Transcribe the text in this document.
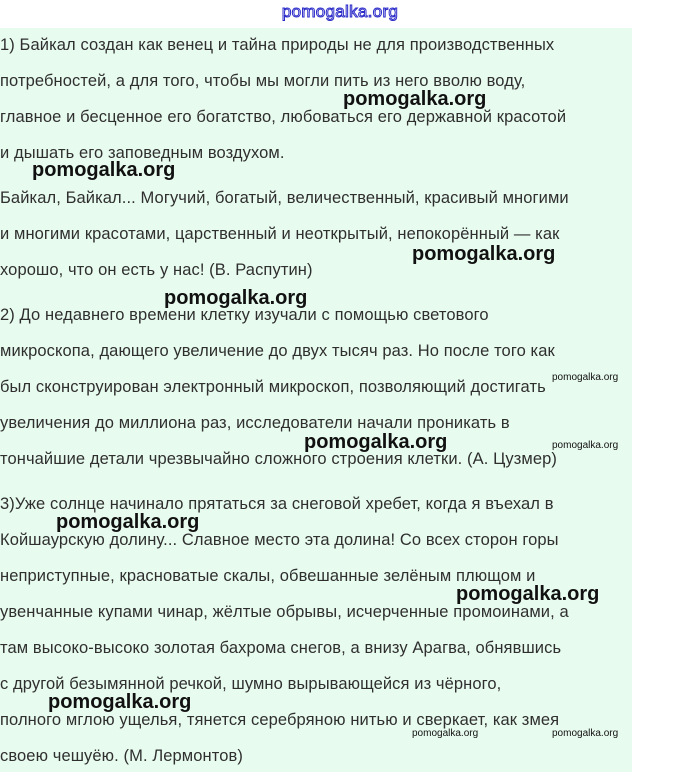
pomogalka.org
1) Байкал создан как венец и тайна природы не для производственных
потребностей, а для того, чтобы мы могли пить из него вволю воду,
главное и бесценное его богатство, любоваться его державной красотой
и дышать его заповедным воздухом.
Байкал, Байкал... Могучий, богатый, величественный, красивый многими
и многими красотами, царственный и неоткрытый, непокорённый — как
хорошо, что он есть у нас! (В. Распутин)
2) До недавнего времени клетку изучали с помощью светового
микроскопа, дающего увеличение до двух тысяч раз. Но после того как
был сконструирован электронный микроскоп, позволяющий достигать
увеличения до миллиона раз, исследователи начали проникать в
тончайшие детали чрезвычайно сложного строения клетки. (А. Цузмер)
3)Уже солнце начинало прятаться за снеговой хребет, когда я въехал в
Койшаурскую долину... Славное место эта долина! Со всех сторон горы
неприступные, красноватые скалы, обвешанные зелёным плющом и
увенчанные купами чинар, жёлтые обрывы, исчерченные промоинами, а
там высоко-высоко золотая бахрома снегов, а внизу Арагва, обнявшись
с другой безымянной речкой, шумно вырывающейся из чёрного,
полного мглою ущелья, тянется серебряною нитью и сверкает, как змея
своею чешуёю. (М. Лермонтов)
pomogalka.org
pomogalka.org
pomogalka.org
pomogalka.org
pomogalka.org
pomogalka.org
pomogalka.org
pomogalka.org
pomogalka.org
pomogalka.org
pomogalka.org	pomogalka.org
